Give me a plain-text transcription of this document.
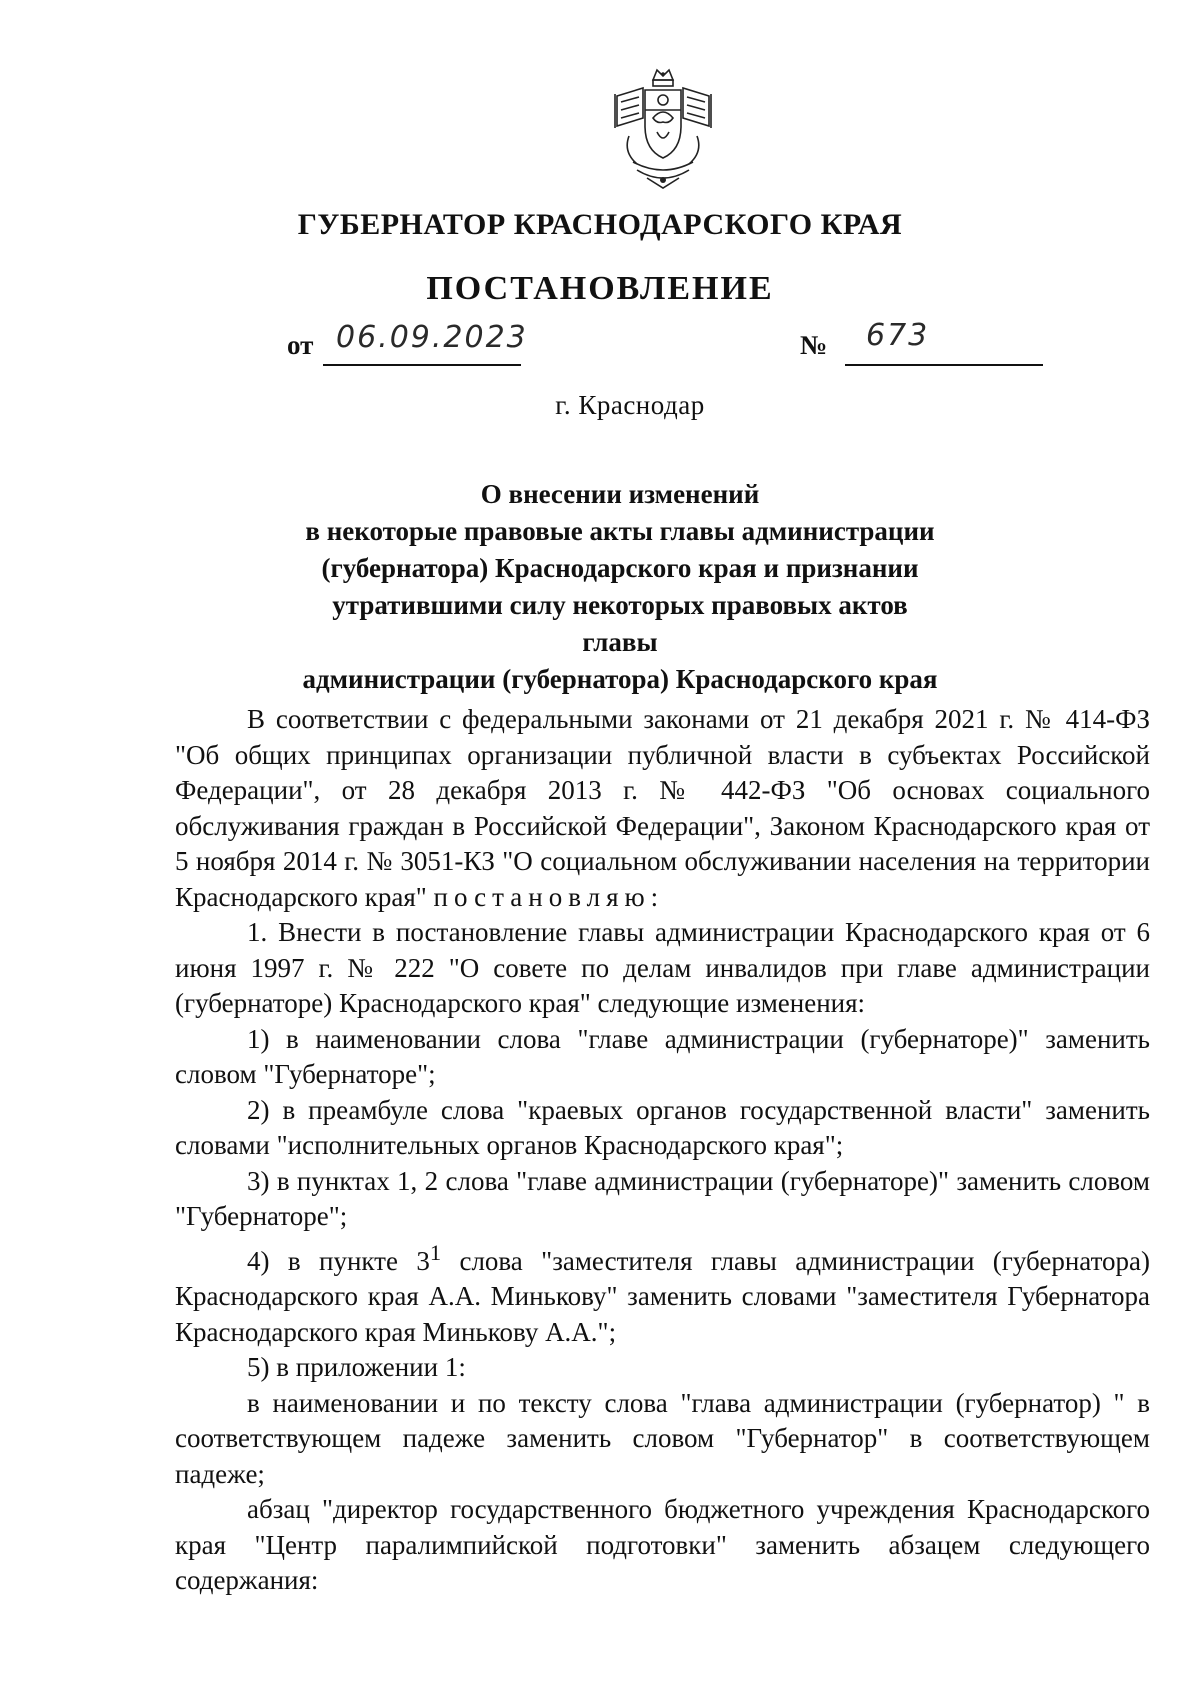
ГУБЕРНАТОР КРАСНОДАРСКОГО КРАЯ
ПОСТАНОВЛЕНИЕ
от 06.09.2023	№ 673
г. Краснодар
О внесении изменений
в некоторые правовые акты главы администрации
(губернатора) Краснодарского края и признании
утратившими силу некоторых правовых актов главы
администрации (губернатора) Краснодарского края

В соответствии с федеральными законами от 21 декабря 2021 г. № 414-ФЗ "Об общих принципах организации публичной власти в субъектах Российской Федерации", от 28 декабря 2013 г. № 442-ФЗ "Об основах социального обслуживания граждан в Российской Федерации", Законом Краснодарского края от 5 ноября 2014 г. № 3051-КЗ "О социальном обслуживании населения на территории Краснодарского края" постановляю:

1. Внести в постановление главы администрации Краснодарского края от 6 июня 1997 г. № 222 "О совете по делам инвалидов при главе администрации (губернаторе) Краснодарского края" следующие изменения:

1) в наименовании слова "главе администрации (губернаторе)" заменить словом "Губернаторе";

2) в преамбуле слова "краевых органов государственной власти" заменить словами "исполнительных органов Краснодарского края";

3) в пунктах 1, 2 слова "главе администрации (губернаторе)" заменить словом "Губернаторе";

4) в пункте $3^1$ слова "заместителя главы администрации (губернатора) Краснодарского края А.А. Минькову" заменить словами "заместителя Губернатора Краснодарского края Минькову А.А.";

5) в приложении 1:

в наименовании и по тексту слова "глава администрации (губернатор) " в соответствующем падеже заменить словом "Губернатор" в соответствующем падеже;

абзац "директор государственного бюджетного учреждения Краснодарского края "Центр паралимпийской подготовки" заменить абзацем следующего содержания:
